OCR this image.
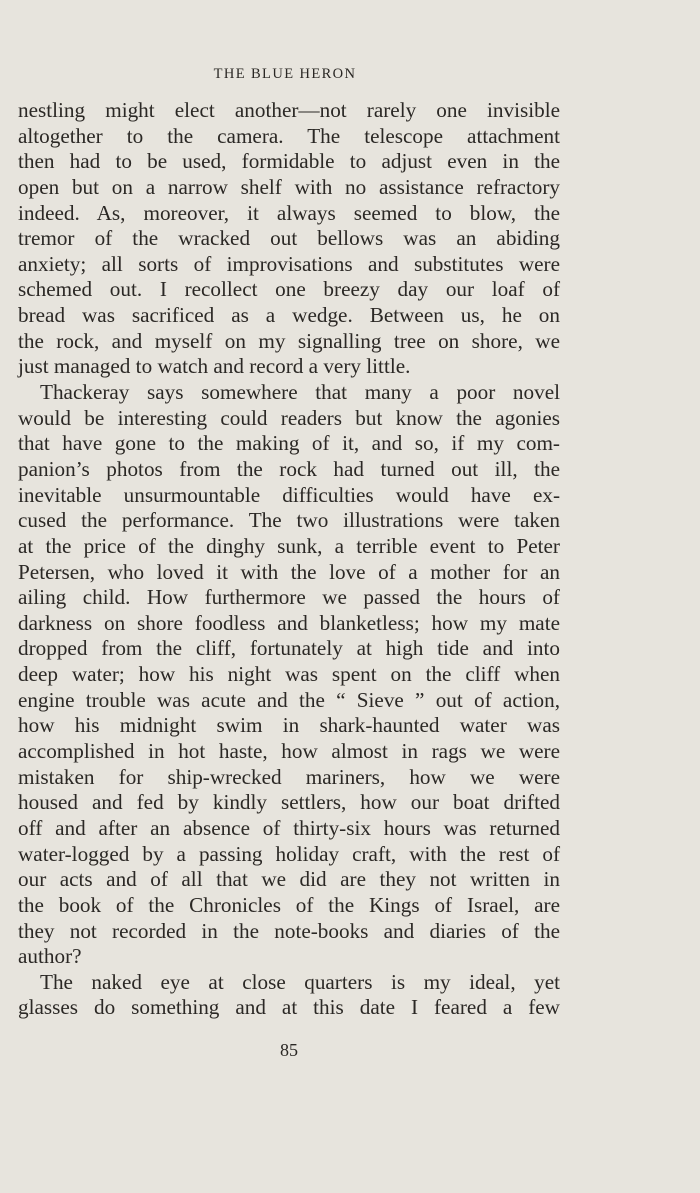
THE BLUE HERON

nestling might elect another—not rarely one invisible
altogether to the camera. The telescope attachment
then had to be used, formidable to adjust even in the
open but on a narrow shelf with no assistance refractory
indeed. As, moreover, it always seemed to blow, the
tremor of the wracked out bellows was an abiding
anxiety; all sorts of improvisations and substitutes were
schemed out. I recollect one breezy day our loaf of
bread was sacrificed as a wedge. Between us, he on
the rock, and myself on my signalling tree on shore, we
just managed to watch and record a very little.

Thackeray says somewhere that many a poor novel
would be interesting could readers but know the agonies
that have gone to the making of it, and so, if my com-
panion’s photos from the rock had turned out ill, the
inevitable unsurmountable difficulties would have ex-
cused the performance. The two illustrations were taken
at the price of the dinghy sunk, a terrible event to Peter
Petersen, who loved it with the love of a mother for an
ailing child. How furthermore we passed the hours of
darkness on shore foodless and blanketless; how my mate
dropped from the cliff, fortunately at high tide and into
deep water; how his night was spent on the cliff when
engine trouble was acute and the “ Sieve ” out of action,
how his midnight swim in shark-haunted water was
accomplished in hot haste, how almost in rags we were
mistaken for ship-wrecked mariners, how we were
housed and fed by kindly settlers, how our boat drifted
off and after an absence of thirty-six hours was returned
water-logged by a passing holiday craft, with the rest of
our acts and of all that we did are they not written in
the book of the Chronicles of the Kings of Israel, are
they not recorded in the note-books and diaries of the
author?

The naked eye at close quarters is my ideal, yet
glasses do something and at this date I feared a few

85
